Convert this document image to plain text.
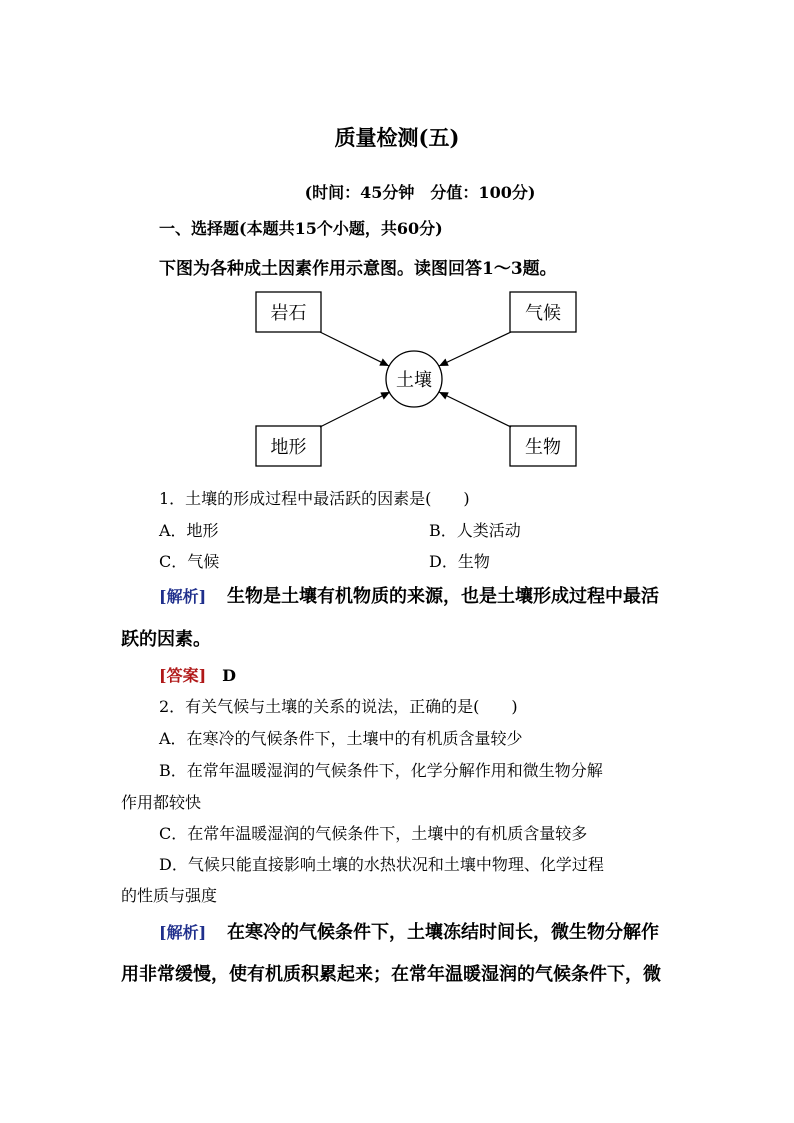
质量检测(五)
(时间：45分钟　分值：100分)
一、选择题(本题共15个小题，共60分)
下图为各种成土因素作用示意图。读图回答1～3题。
岩石	气候
地形	生物
土壤
1．土壤的形成过程中最活跃的因素是(　　)
A．地形	B．人类活动
C．气候	D．生物
[解析] 生物是土壤有机物质的来源，也是土壤形成过程中最活
跃的因素。
[答案] D
2．有关气候与土壤的关系的说法，正确的是(　　)
A．在寒冷的气候条件下，土壤中的有机质含量较少
B．在常年温暖湿润的气候条件下，化学分解作用和微生物分解
作用都较快
C．在常年温暖湿润的气候条件下，土壤中的有机质含量较多
D．气候只能直接影响土壤的水热状况和土壤中物理、化学过程
的性质与强度
[解析] 在寒冷的气候条件下，土壤冻结时间长，微生物分解作
用非常缓慢，使有机质积累起来；在常年温暖湿润的气候条件下，微
